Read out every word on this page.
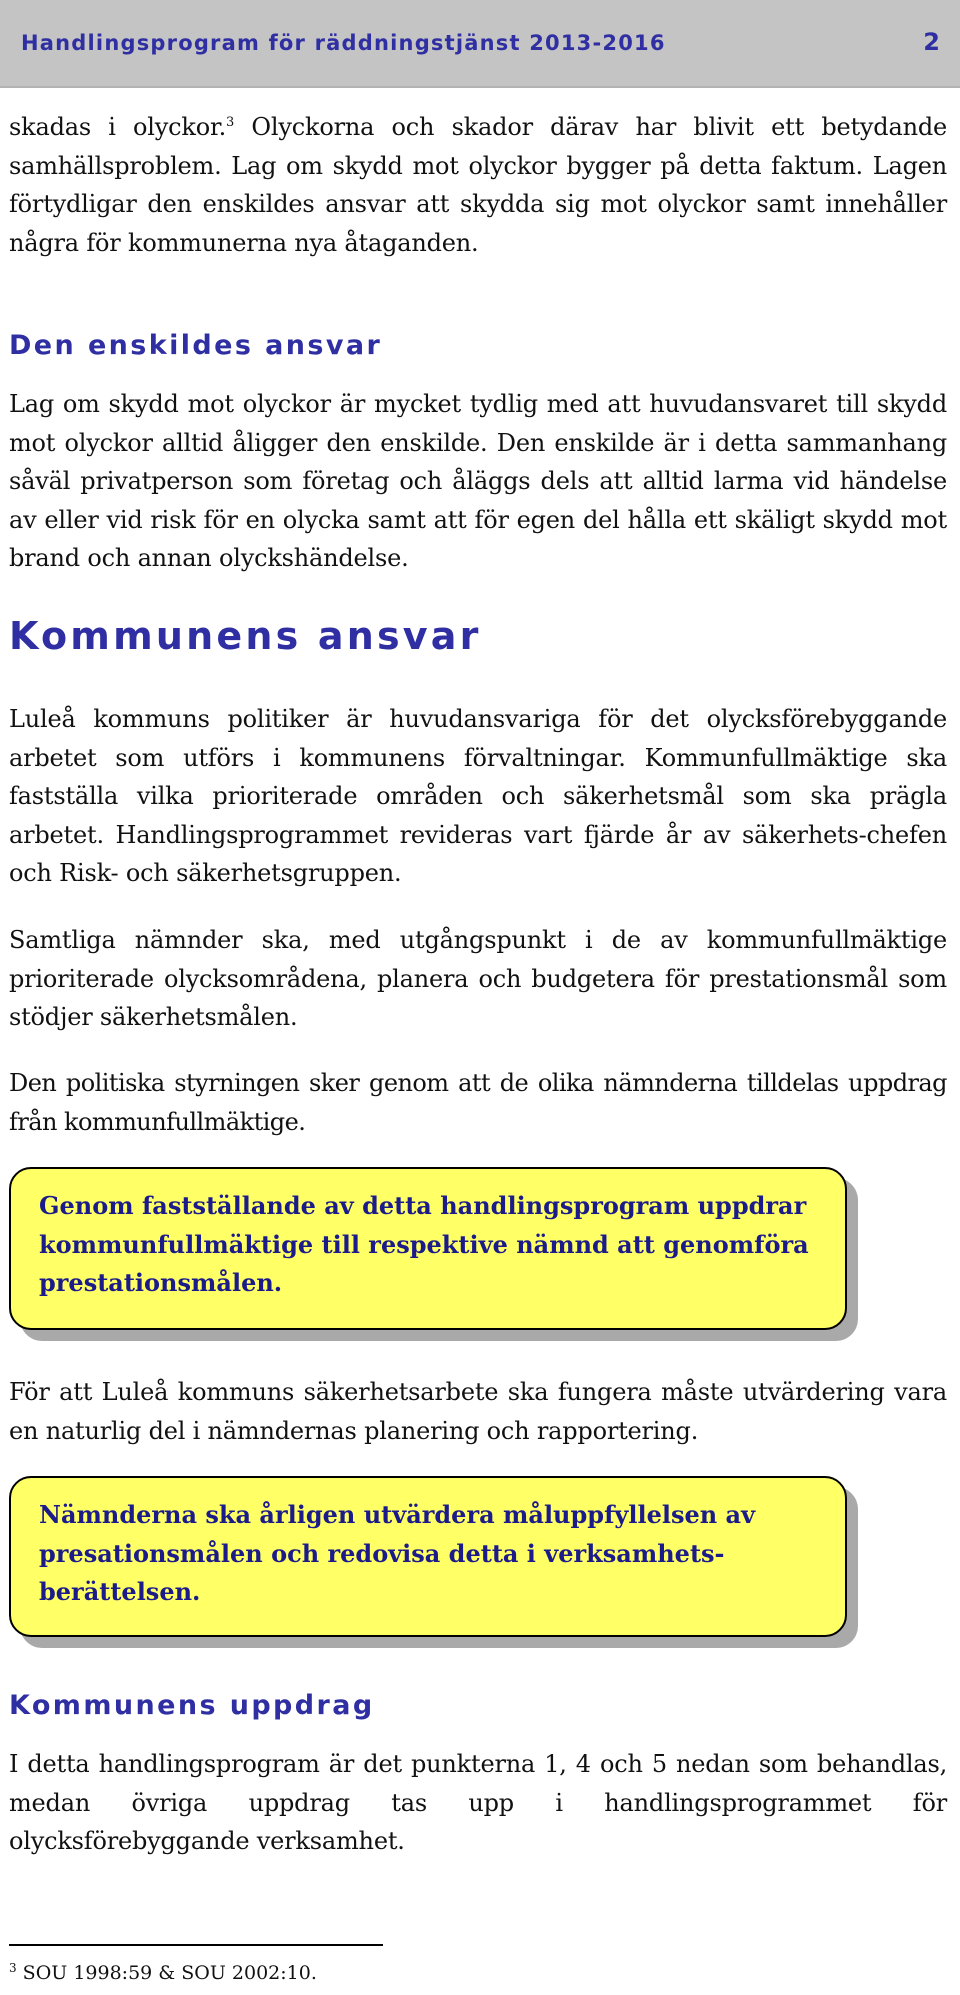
Handlingsprogram för räddningstjänst 2013-2016	2

skadas i olyckor.$^3$ Olyckorna och skador därav har blivit ett betydande samhällsproblem. Lag om skydd mot olyckor bygger på detta faktum. Lagen förtydligar den enskildes ansvar att skydda sig mot olyckor samt innehåller några för kommunerna nya åtaganden.

Den enskildes ansvar

Lag om skydd mot olyckor är mycket tydlig med att huvudansvaret till skydd mot olyckor alltid åligger den enskilde. Den enskilde är i detta sammanhang såväl privatperson som företag och åläggs dels att alltid larma vid händelse av eller vid risk för en olycka samt att för egen del hålla ett skäligt skydd mot brand och annan olyckshändelse.

Kommunens ansvar

Luleå kommuns politiker är huvudansvariga för det olycksförebyggande arbetet som utförs i kommunens förvaltningar. Kommunfullmäktige ska fastställa vilka prioriterade områden och säkerhetsmål som ska prägla arbetet. Handlingsprogrammet revideras vart fjärde år av säkerhets-chefen och Risk- och säkerhetsgruppen.

Samtliga nämnder ska, med utgångspunkt i de av kommunfullmäktige prioriterade olycksområdena, planera och budgetera för prestationsmål som stödjer säkerhetsmålen.

Den politiska styrningen sker genom att de olika nämnderna tilldelas uppdrag från kommunfullmäktige.

Genom fastställande av detta handlingsprogram uppdrar kommunfullmäktige till respektive nämnd att genomföra prestationsmålen.

För att Luleå kommuns säkerhetsarbete ska fungera måste utvärdering vara en naturlig del i nämndernas planering och rapportering.

Nämnderna ska årligen utvärdera måluppfyllelsen av presationsmålen och redovisa detta i verksamhets-berättelsen.

Kommunens uppdrag

I detta handlingsprogram är det punkterna 1, 4 och 5 nedan som behandlas, medan övriga uppdrag tas upp i handlingsprogrammet för olycksförebyggande verksamhet.

$^3$ SOU 1998:59 & SOU 2002:10.
